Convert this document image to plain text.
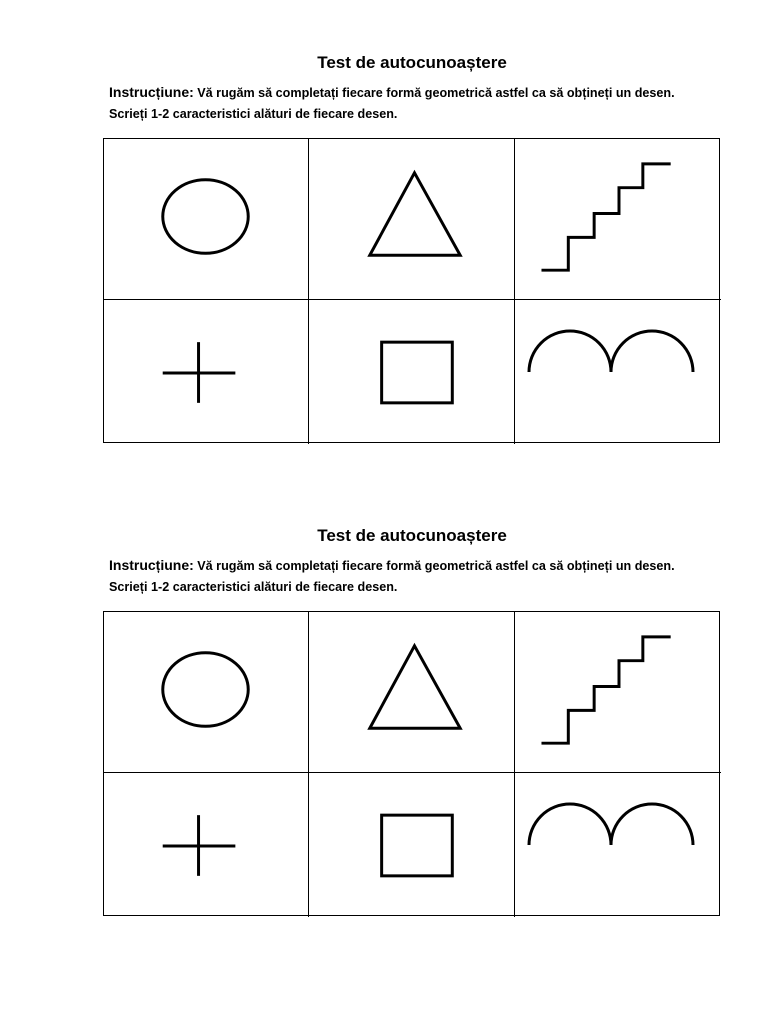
Test de autocunoaștere
Instrucțiune: Vă rugăm să completați fiecare formă geometrică astfel ca să obțineți un desen. Scrieți 1-2 caracteristici alături de fiecare desen.
Test de autocunoaștere
Instrucțiune: Vă rugăm să completați fiecare formă geometrică astfel ca să obțineți un desen. Scrieți 1-2 caracteristici alături de fiecare desen.
